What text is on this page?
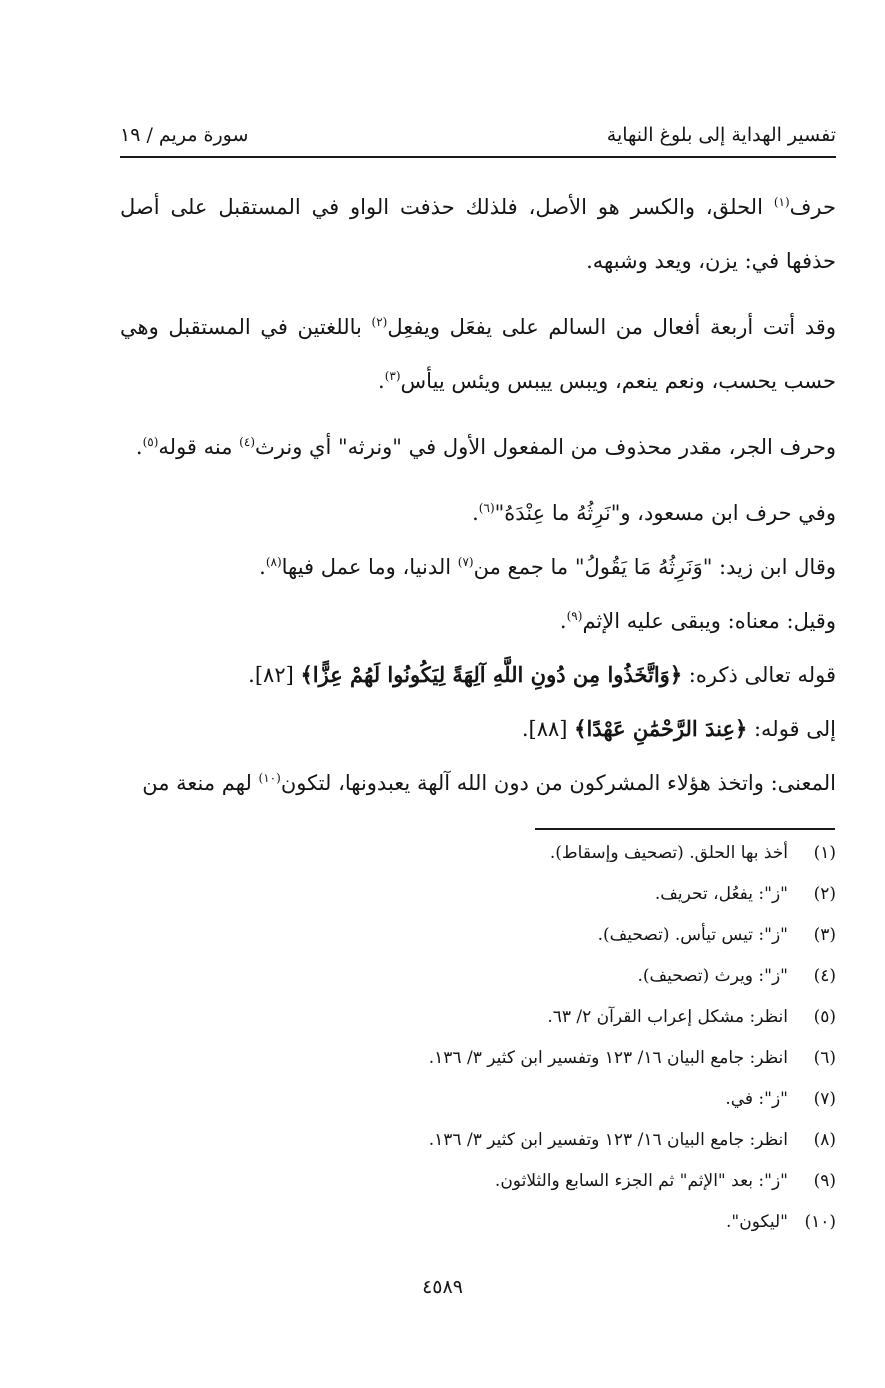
تفسير الهداية إلى بلوغ النهاية
سورة مريم / ١٩

حرف$^{(١)}$ الحلق، والكسر هو الأصل، فلذلك حذفت الواو في المستقبل على أصل حذفها في: يزن، ويعد وشبهه.

وقد أتت أربعة أفعال من السالم على يفعَل ويفعِل$^{(٢)}$ باللغتين في المستقبل وهي حسب يحسب، ونعم ينعم، ويبس ييبس ويئس ييأس$^{(٣)}$.

وحرف الجر، مقدر محذوف من المفعول الأول في "ونرثه" أي ونرث$^{(٤)}$ منه قوله$^{(٥)}$.

وفي حرف ابن مسعود، و"نَرِثُهُ ما عِنْدَهُ"$^{(٦)}$.

وقال ابن زيد: "وَنَرِثُهُ مَا يَقُولُ" ما جمع من$^{(٧)}$ الدنيا، وما عمل فيها$^{(٨)}$.

وقيل: معناه: ويبقى عليه الإثم$^{(٩)}$.

قوله تعالى ذكره: ﴿وَاتَّخَذُوا مِن دُونِ اللَّهِ آلِهَةً لِيَكُونُوا لَهُمْ عِزًّا﴾ [٨٢].

إلى قوله: ﴿عِندَ الرَّحْمَٰنِ عَهْدًا﴾ [٨٨].

المعنى: واتخذ هؤلاء المشركون من دون الله آلهة يعبدونها، لتكون$^{(١٠)}$ لهم منعة من

(١)
أخذ بها الحلق. (تصحيف وإسقاط).
(٢)
"ز": يفعُل، تحريف.
(٣)
"ز": تيس تيأس. (تصحيف).
(٤)
"ز": ويرث (تصحيف).
(٥)
انظر: مشكل إعراب القرآن ٢/ ٦٣.
(٦)
انظر: جامع البيان ١٦/ ١٢٣ وتفسير ابن كثير ٣/ ١٣٦.
(٧)
"ز": في.
(٨)
انظر: جامع البيان ١٦/ ١٢٣ وتفسير ابن كثير ٣/ ١٣٦.
(٩)
"ز": بعد "الإثم" ثم الجزء السابع والثلاثون.
(١٠)
"ليكون".
٤٥٨٩
